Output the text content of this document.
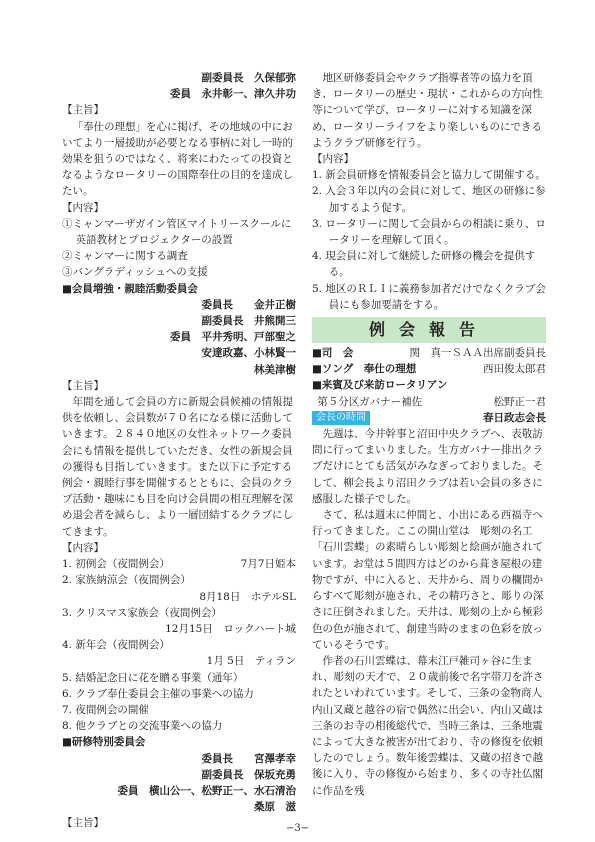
副委員長　 久保郁弥
委員　 永井彰一、津久井功

【主旨】

「奉仕の理想」を心に掲げ、その地域の中においてより一層援助が必要となる事柄に対し一時的効果を狙うのではなく、将来にわたっての投資となるようなロータリーの国際奉仕の目的を達成したい。

【内容】

①ミャンマーザガイン管区マイトリースクールに英語教材とプロジェクターの設置

②ミャンマーに関する調査

③バングラディッシュへの支援

■会員増強・親睦活動委員会

委員長　　金井正樹
副委員長　井熊開三
委員　平井秀明、戸部聖之
安達政嘉、小林賢一
林美津樹

【主旨】

年間を通して会員の方に新規会員候補の情報提供を依頼し、会員数が７０名になる様に活動していきます。２８４０地区の女性ネットワーク委員会にも情報を提供していただき、女性の新規会員の獲得も目指していきます。また以下に予定する例会・親睦行事を開催するとともに、会員のクラブ活動・趣味にも目を向け会員間の相互理解を深め退会者を減らし、より一層団結するクラブにしてきます。

【内容】

1. 初例会（夜間例会）	7月7日姫本
2. 家族納涼会（夜間例会）
8月18日　ホテルSL
3. クリスマス家族会（夜間例会）
12月15日　ロックハート城
4. 新年会（夜間例会）
1月 5日　ティラン
5. 結婚記念日に花を贈る事業（通年）
6. クラブ奉仕委員会主催の事業への協力
7. 夜間例会の開催
8. 他クラブとの交流事業への協力

■研修特別委員会

委員長　　宮澤孝幸
副委員長　保坂充勇
委員　横山公一、松野正一、水石清治
桑原　滋

【主旨】

地区研修委員会やクラブ指導者等の協力を頂き、ロータリーの歴史・現状・これからの方向性等について学び、ロータリーに対する知識を深め、ロータリーライフをより楽しいものにできるようクラブ研修を行う。

【内容】

1. 新会員研修を情報委員会と協力して開催する。

2. 入会３年以内の会員に対して、地区の研修に参加するよう促す。

3. ロータリーに関して会員からの相談に乗り、ロータリーを理解して頂く。

4. 現会員に対して継続した研修の機会を提供する。

5. 地区のＲＬＩに義務参加者だけでなくクラブ会員にも参加要請をする。

例会報告
■司　会	関　真一ＳＡＡ出席副委員長
■ソング　奉仕の理想	西田俊太郎君
■来賓及び来訪ロータリアン
第５分区ガバナー補佐	松野正一君
会長の時間	春日政志会長

先週は、今井幹事と沼田中央クラブへ、表敬訪問に行ってまいりました。生方ガバナー排出クラブだけにとても活気がみなぎっておりました。そして、柳会長より沼田クラブは若い会員の多さに感服した様子でした。

さて、私は週末に仲間と、小出にある西福寺へ行ってきました。ここの開山堂は　彫刻の名工「石川雲蝶」の素晴らしい彫刻と絵画が施されています。お堂は５間四方はどのから葺き屋根の建物ですが、中に入ると、天井から、周りの欄間からすべて彫刻が施され、その精巧さと、彫りの深さに圧倒されました。天井は、彫刻の上から極彩色の色が施されて、創建当時のままの色彩を放っているそうです。

作者の石川雲蝶は、幕末江戸雑司ヶ谷に生まれ、彫刻の天才で、２０歳前後で名字帯刀を許されたといわれています。そして、三条の金物商人内山又蔵と越谷の宿で偶然に出会い、内山又蔵は三条のお寺の相後総代で、当時三条は、三条地震によって大きな被害が出ており、寺の修復を依頼したのでしょう。数年後雲蝶は、又蔵の招きで越後に入り、寺の修復から始まり、多くの寺社仏閣に作品を残

−3−
